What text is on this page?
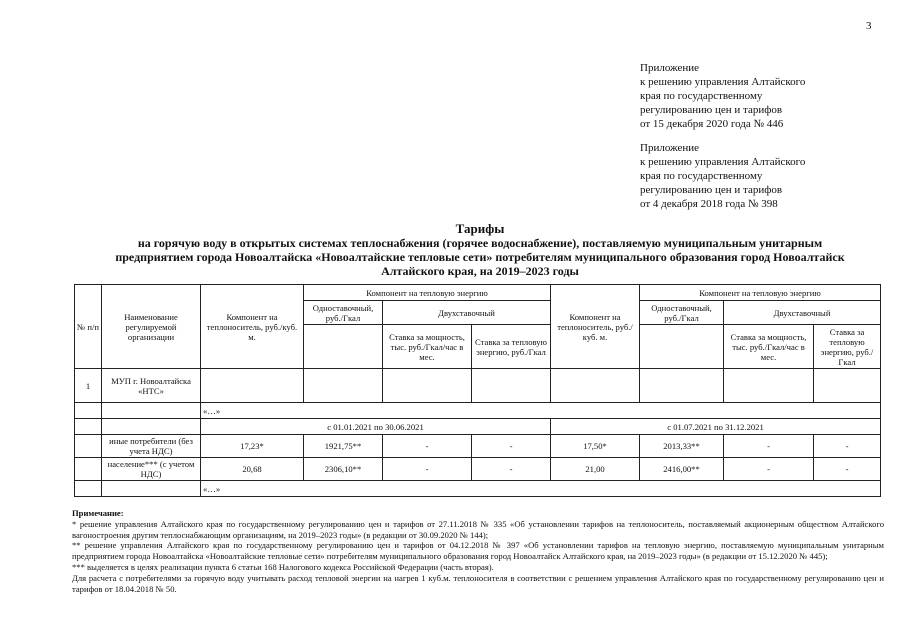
3
Приложение
к решению управления Алтайского
края по государственному
регулированию цен и тарифов
от 15 декабря 2020 года № 446
Приложение
к решению управления Алтайского
края по государственному
регулированию цен и тарифов
от 4 декабря 2018 года № 398
Тарифы
на горячую воду в открытых системах теплоснабжения (горячее водоснабжение), поставляемую муниципальным унитарным
предприятием города Новоалтайска «Новоалтайские тепловые сети» потребителям муниципального образования город Новоалтайск
Алтайского края, на 2019–2023 годы
№ п/п	Наименование регулируемой организации	Компонент на теплоноситель, руб./куб. м.	Компонент на тепловую энергию			Компонент на теплоноситель, руб./куб. м.	Компонент на тепловую энергию		
			Одноставочный, руб./Гкал	Двухставочный			Одноставочный, руб./Гкал	Двухставочный	
				Ставка за мощность, тыс. руб./Гкал/час в мес.	Ставка за тепловую энергию, руб./Гкал			Ставка за мощность, тыс. руб./Гкал/час в мес.	Ставка за тепловую энергию, руб./Гкал
1	МУП г. Новоалтайска «НТС»								
		«…»							
		с 01.01.2021 по 30.06.2021				с 01.07.2021 по 31.12.2021			
	иные потребители (без учета НДС)	17,23*	1921,75**	-	-	17,50*	2013,33**	-	-
	население*** (с учетом НДС)	20,68	2306,10**	-	-	21,00	2416,00**	-	-
		«…»							
Примечание:
* решение управления Алтайского края по государственному регулированию цен и тарифов от 27.11.2018 № 335 «Об установлении тарифов на теплоноситель, поставляемый акционерным обществом Алтайского вагоностроения другим теплоснабжающим организациям, на 2019–2023 годы» (в редакции от 30.09.2020 № 144);
** решение управления Алтайского края по государственному регулированию цен и тарифов от 04.12.2018 № 397 «Об установлении тарифов на тепловую энергию, поставляемую муниципальным унитарным предприятием города Новоалтайска «Новоалтайские тепловые сети» потребителям муниципального образования город Новоалтайск Алтайского края, на 2019–2023 годы» (в редакции от 15.12.2020 № 445);
*** выделяется в целях реализации пункта 6 статьи 168 Налогового кодекса Российской Федерации (часть вторая).
Для расчета с потребителями за горячую воду учитывать расход тепловой энергии на нагрев 1 куб.м. теплоносителя в соответствии с решением управления Алтайского края по государственному регулированию цен и тарифов от 18.04.2018 № 50.
